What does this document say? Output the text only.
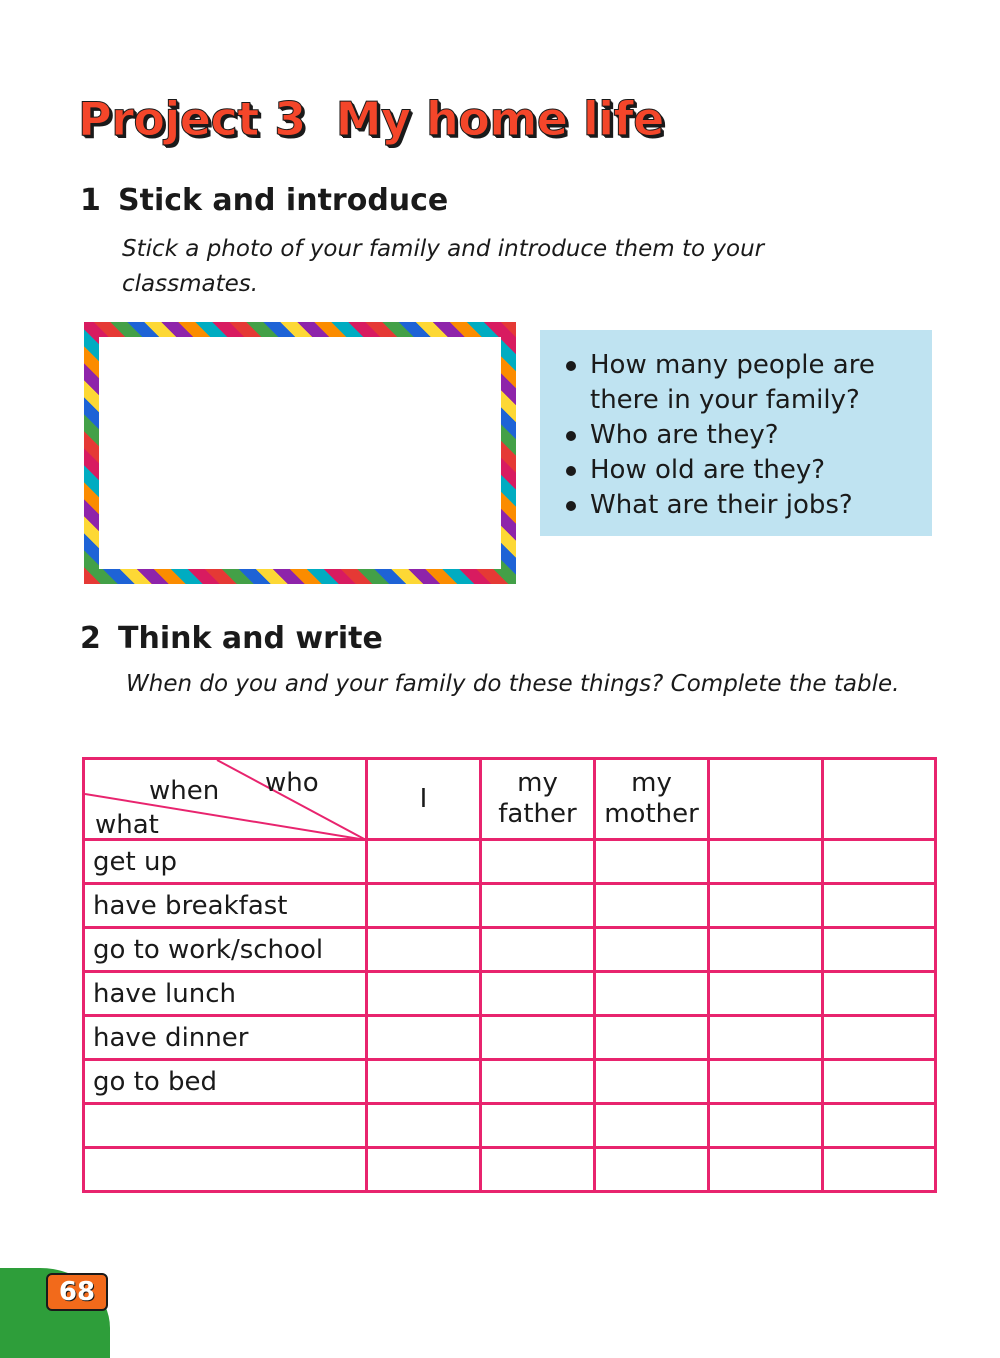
Project 3 My home life
1 Stick and introduce

Stick a photo of your family and introduce them to your classmates.

How many people are there in your family?
Who are they?
How old are they?
What are their jobs?
2 Think and write

When do you and your family do these things? Complete the table.

when who
what	I	my father	my mother		
get up					
have breakfast					
go to work/school					
have lunch					
have dinner					
go to bed					

68
